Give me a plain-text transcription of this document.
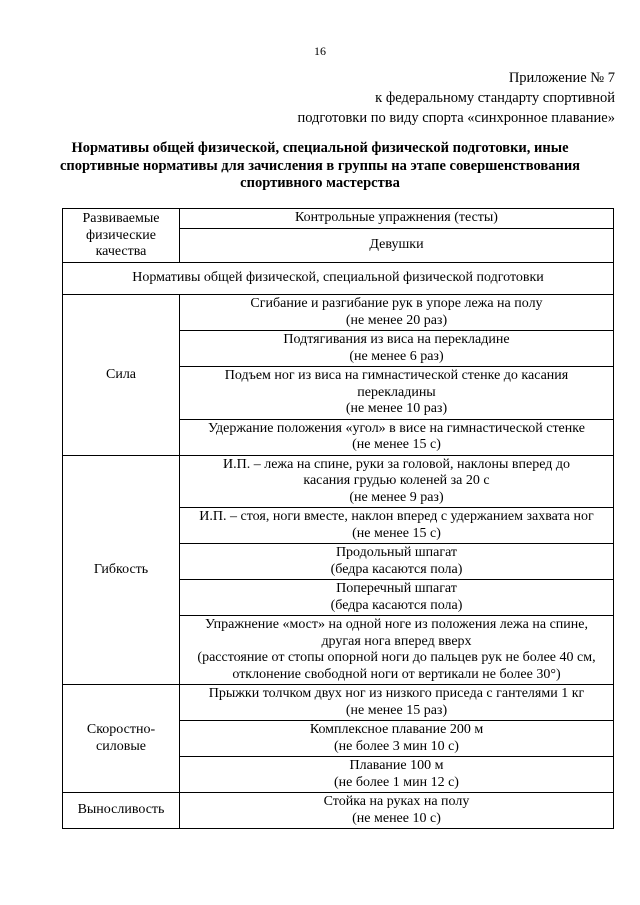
16
Приложение № 7
к федеральному стандарту спортивной
подготовки по виду спорта «синхронное плавание»
Нормативы общей физической, специальной физической подготовки, иные
спортивные нормативы для зачисления в группы на этапе совершенствования
спортивного мастерства
Развиваемые
физические
качества	Контрольные упражнения (тесты)
	Девушки
Нормативы общей физической, специальной физической подготовки	
Сила	Сгибание и разгибание рук в упоре лежа на полу
(не менее 20 раз)

	Подтягивания из виса на перекладине
(не менее 6 раз)

	Подъем ног из виса на гимнастической стенке до касания
перекладины
(не менее 10 раз)

	Удержание положения «угол» в висе на гимнастической стенке
(не менее 15 с)

Гибкость	И.П. – лежа на спине, руки за головой, наклоны вперед до
касания грудью коленей за 20 с
(не менее 9 раз)

	И.П. – стоя, ноги вместе, наклон вперед с удержанием захвата ног
(не менее 15 с)

	Продольный шпагат
(бедра касаются пола)

	Поперечный шпагат
(бедра касаются пола)

	Упражнение «мост» на одной ноге из положения лежа на спине,
другая нога вперед вверх
(расстояние от стопы опорной ноги до пальцев рук не более 40 см,
отклонение свободной ноги от вертикали не более 30°)

Скоростно-
силовые	Прыжки толчком двух ног из низкого приседа с гантелями 1 кг
(не менее 15 раз)

	Комплексное плавание 200 м
(не более 3 мин 10 с)

	Плавание 100 м
(не более 1 мин 12 с)

Выносливость	Стойка на руках на полу
(не менее 10 с)
